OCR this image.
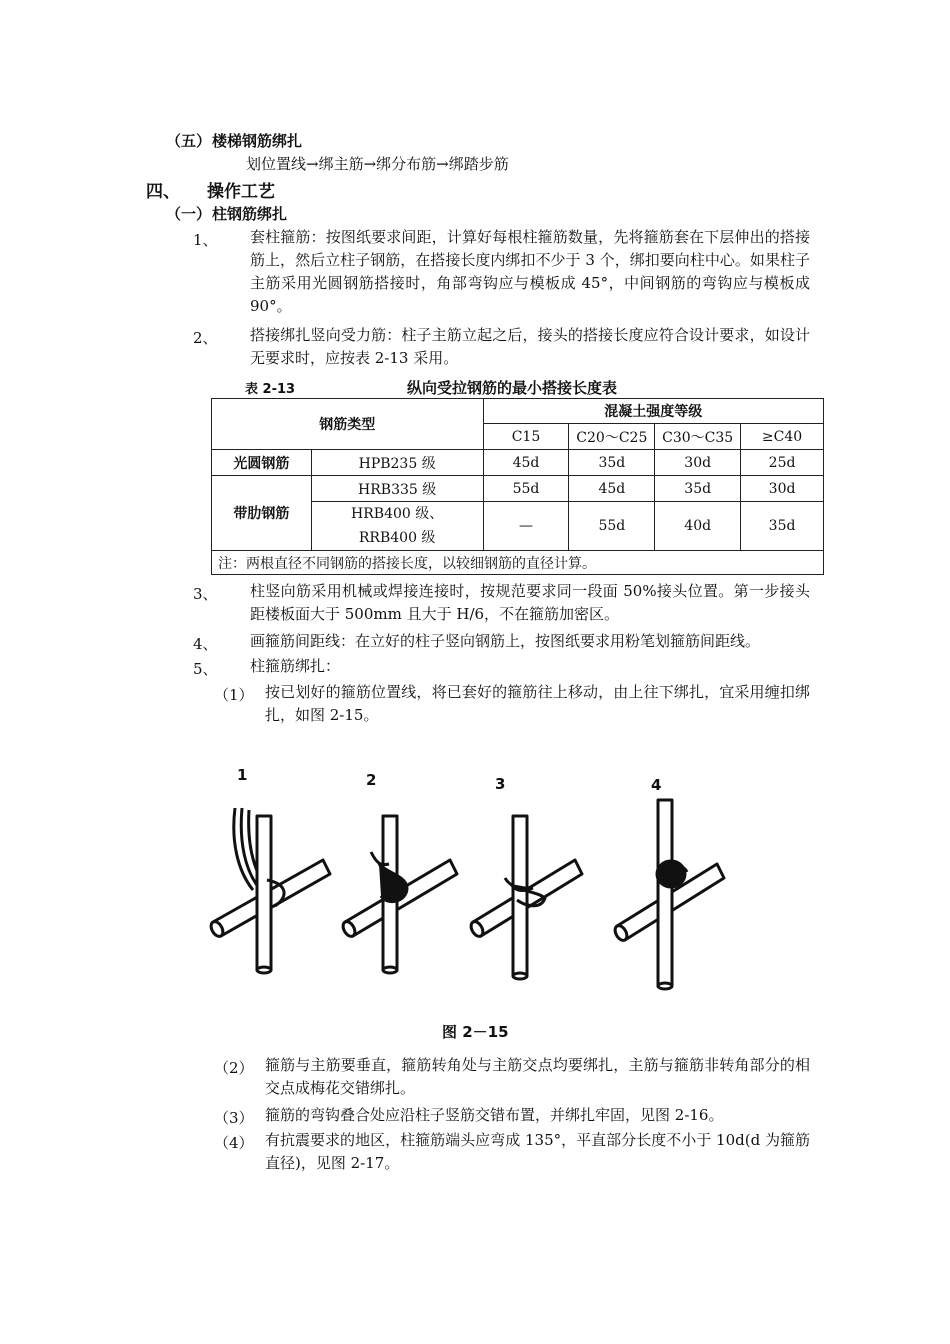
（五） 楼梯钢筋绑扎
划位置线→绑主筋→绑分布筋→绑踏步筋
四、 操作工艺
（一） 柱钢筋绑扎
1、 套柱箍筋：按图纸要求间距，计算好每根柱箍筋数量，先将箍筋套在下层伸出的搭接筋上，然后立柱子钢筋，在搭接长度内绑扣不少于 3 个，绑扣要向柱中心。如果柱子主筋采用光圆钢筋搭接时，角部弯钩应与模板成 45°，中间钢筋的弯钩应与模板成 90°。
2、 搭接绑扎竖向受力筋：柱子主筋立起之后，接头的搭接长度应符合设计要求，如设计无要求时，应按表 2-13 采用。
表 2-13	纵向受拉钢筋的最小搭接长度表
钢筋类型		混凝土强度等级			
		C15	C20～C25	C30～C35	≥C40
光圆钢筋	HPB235 级	45d	35d	30d	25d
带肋钢筋	HRB335 级	55d	45d	35d	30d
	HRB400 级、RRB400 级	—	55d	40d	35d
注：两根直径不同钢筋的搭接长度，以较细钢筋的直径计算。					
3、 柱竖向筋采用机械或焊接连接时，按规范要求同一段面 50%接头位置。第一步接头距楼板面大于 500mm 且大于 H/6，不在箍筋加密区。
4、 画箍筋间距线：在立好的柱子竖向钢筋上，按图纸要求用粉笔划箍筋间距线。
5、 柱箍筋绑扎：
（1） 按已划好的箍筋位置线，将已套好的箍筋往上移动，由上往下绑扎，宜采用缠扣绑扎，如图 2-15。
1	2	3	4
图 2－15
（2） 箍筋与主筋要垂直，箍筋转角处与主筋交点均要绑扎，主筋与箍筋非转角部分的相交点成梅花交错绑扎。
（3） 箍筋的弯钩叠合处应沿柱子竖筋交错布置，并绑扎牢固，见图 2-16。
（4） 有抗震要求的地区，柱箍筋端头应弯成 135°，平直部分长度不小于 10d(d 为箍筋直径)，见图 2-17。
